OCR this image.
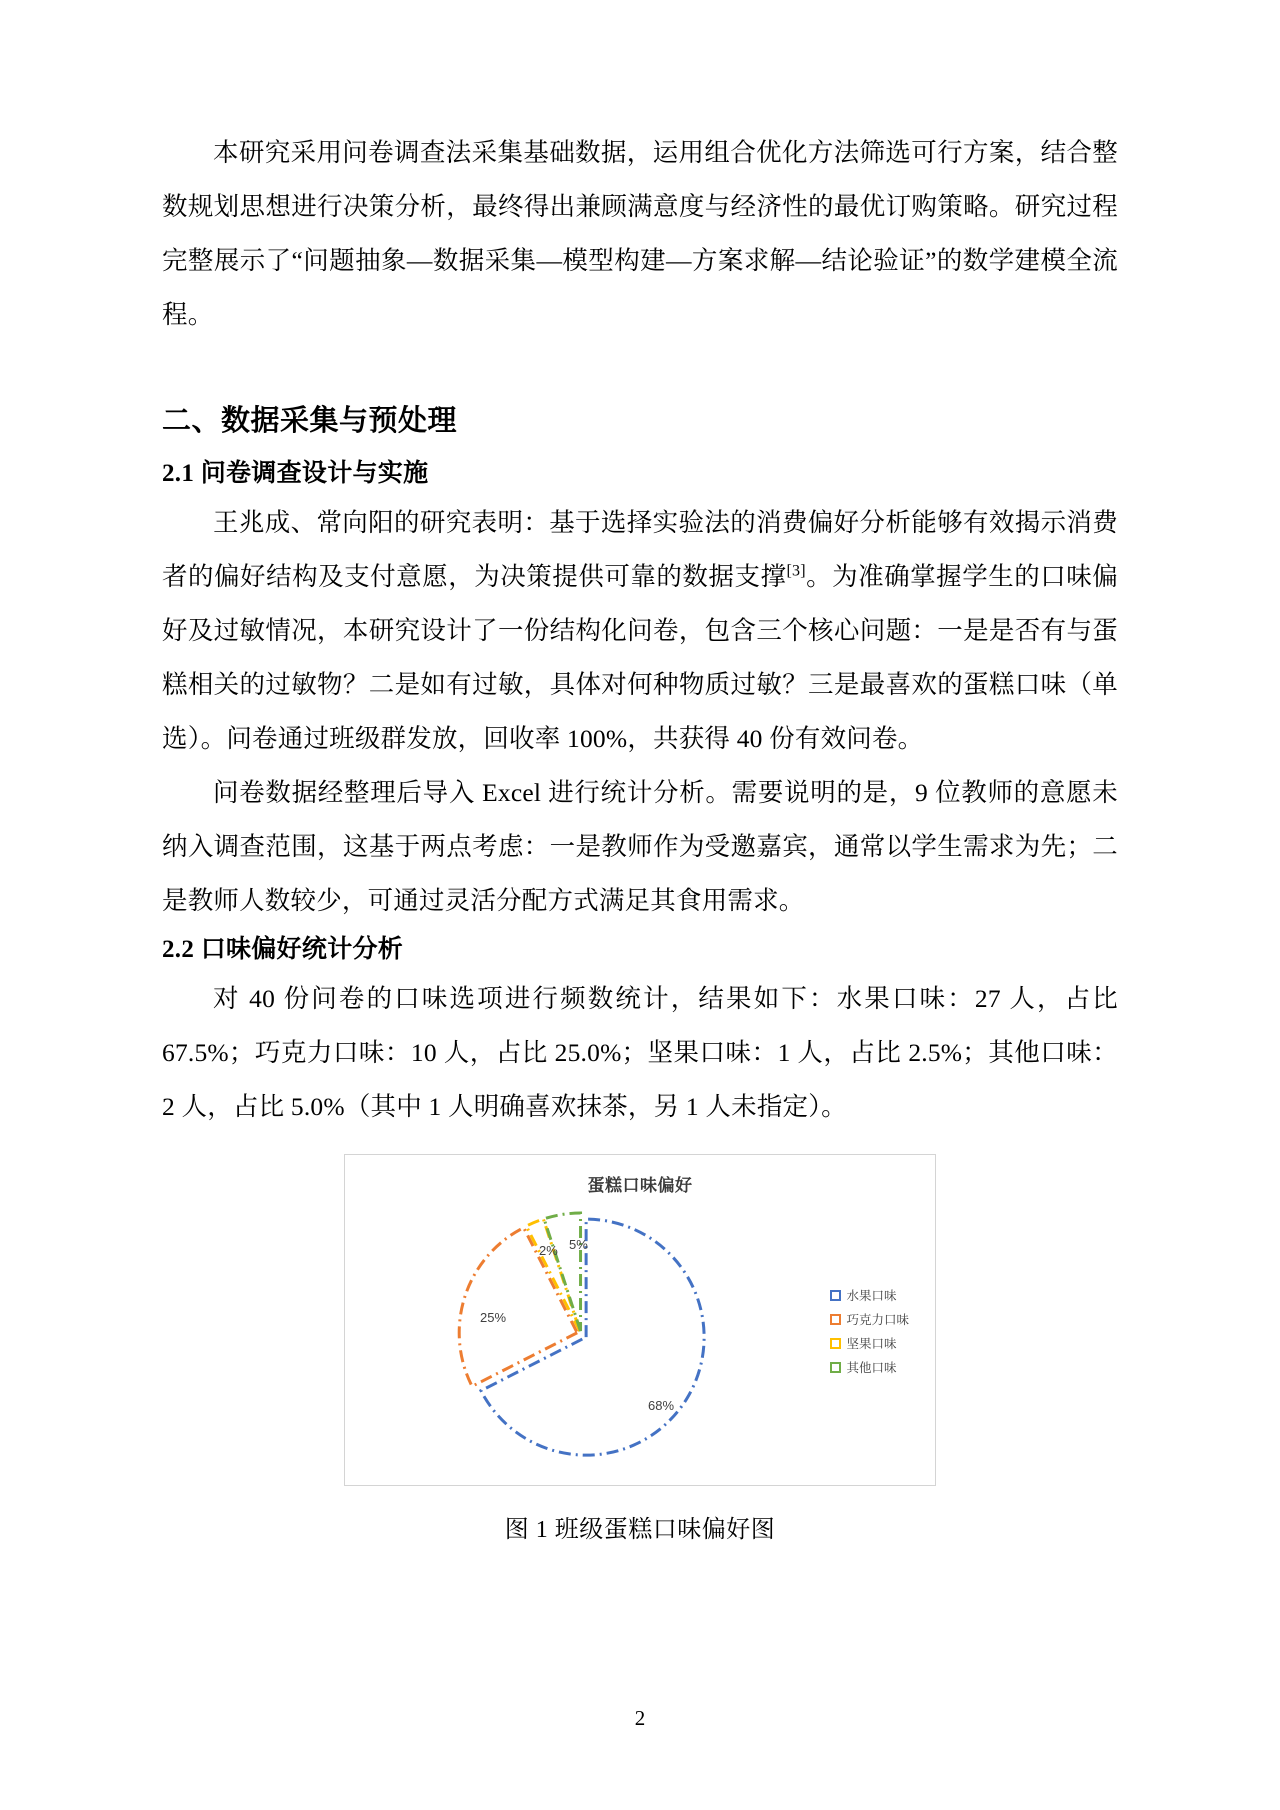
本研究采用问卷调查法采集基础数据，运用组合优化方法筛选可行方案，结合整数规划思想进行决策分析，最终得出兼顾满意度与经济性的最优订购策略。研究过程完整展示了“问题抽象—数据采集—模型构建—方案求解—结论验证”的数学建模全流程。

二、数据采集与预处理
2.1 问卷调查设计与实施

王兆成、常向阳的研究表明：基于选择实验法的消费偏好分析能够有效揭示消费者的偏好结构及支付意愿，为决策提供可靠的数据支撑[3]。为准确掌握学生的口味偏好及过敏情况，本研究设计了一份结构化问卷，包含三个核心问题：一是是否有与蛋糕相关的过敏物？二是如有过敏，具体对何种物质过敏？三是最喜欢的蛋糕口味（单选）。问卷通过班级群发放，回收率 100%，共获得 40 份有效问卷。

问卷数据经整理后导入 Excel 进行统计分析。需要说明的是，9 位教师的意愿未纳入调查范围，这基于两点考虑：一是教师作为受邀嘉宾，通常以学生需求为先；二是教师人数较少，可通过灵活分配方式满足其食用需求。

2.2 口味偏好统计分析

对 40 份问卷的口味选项进行频数统计，结果如下：水果口味：27 人，占比 67.5%；巧克力口味：10 人，占比 25.0%；坚果口味：1 人，占比 2.5%；其他口味：2 人，占比 5.0%（其中 1 人明确喜欢抹茶，另 1 人未指定）。

蛋糕口味偏好
68%
25%
2% 5%
水果口味
巧克力口味
坚果口味
其他口味
图 1 班级蛋糕口味偏好图
2
